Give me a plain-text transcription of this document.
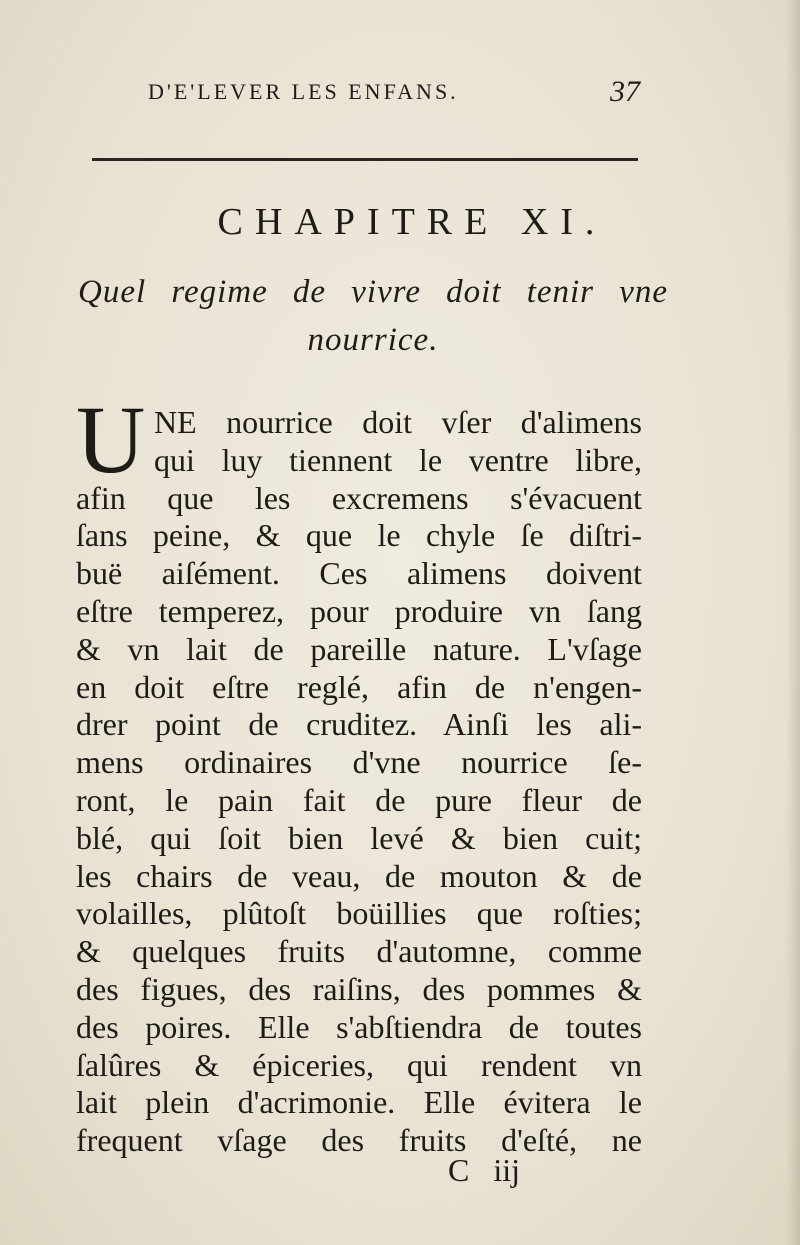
D'E'LEVER LES ENFANS.	37
CHAPITRE XI.
Quel regime de vivre doit tenir vne
nourrice.
U NE nourrice doit vſer d'alimens
qui luy tiennent le ventre libre,
afin que les excremens s'évacuent
ſans peine, & que le chyle ſe diſtri-
buë aiſément. Ces alimens doivent
eſtre temperez, pour produire vn ſang
& vn lait de pareille nature. L'vſage
en doit eſtre reglé, afin de n'engen-
drer point de cruditez. Ainſi les ali-
mens ordinaires d'vne nourrice ſe-
ront, le pain fait de pure fleur de
blé, qui ſoit bien levé & bien cuit;
les chairs de veau, de mouton & de
volailles, plûtoſt boüillies que roſties;
& quelques fruits d'automne, comme
des figues, des raiſins, des pommes &
des poires. Elle s'abſtiendra de toutes
ſalûres & épiceries, qui rendent vn
lait plein d'acrimonie. Elle évitera le
frequent vſage des fruits d'eſté, ne
C iij
